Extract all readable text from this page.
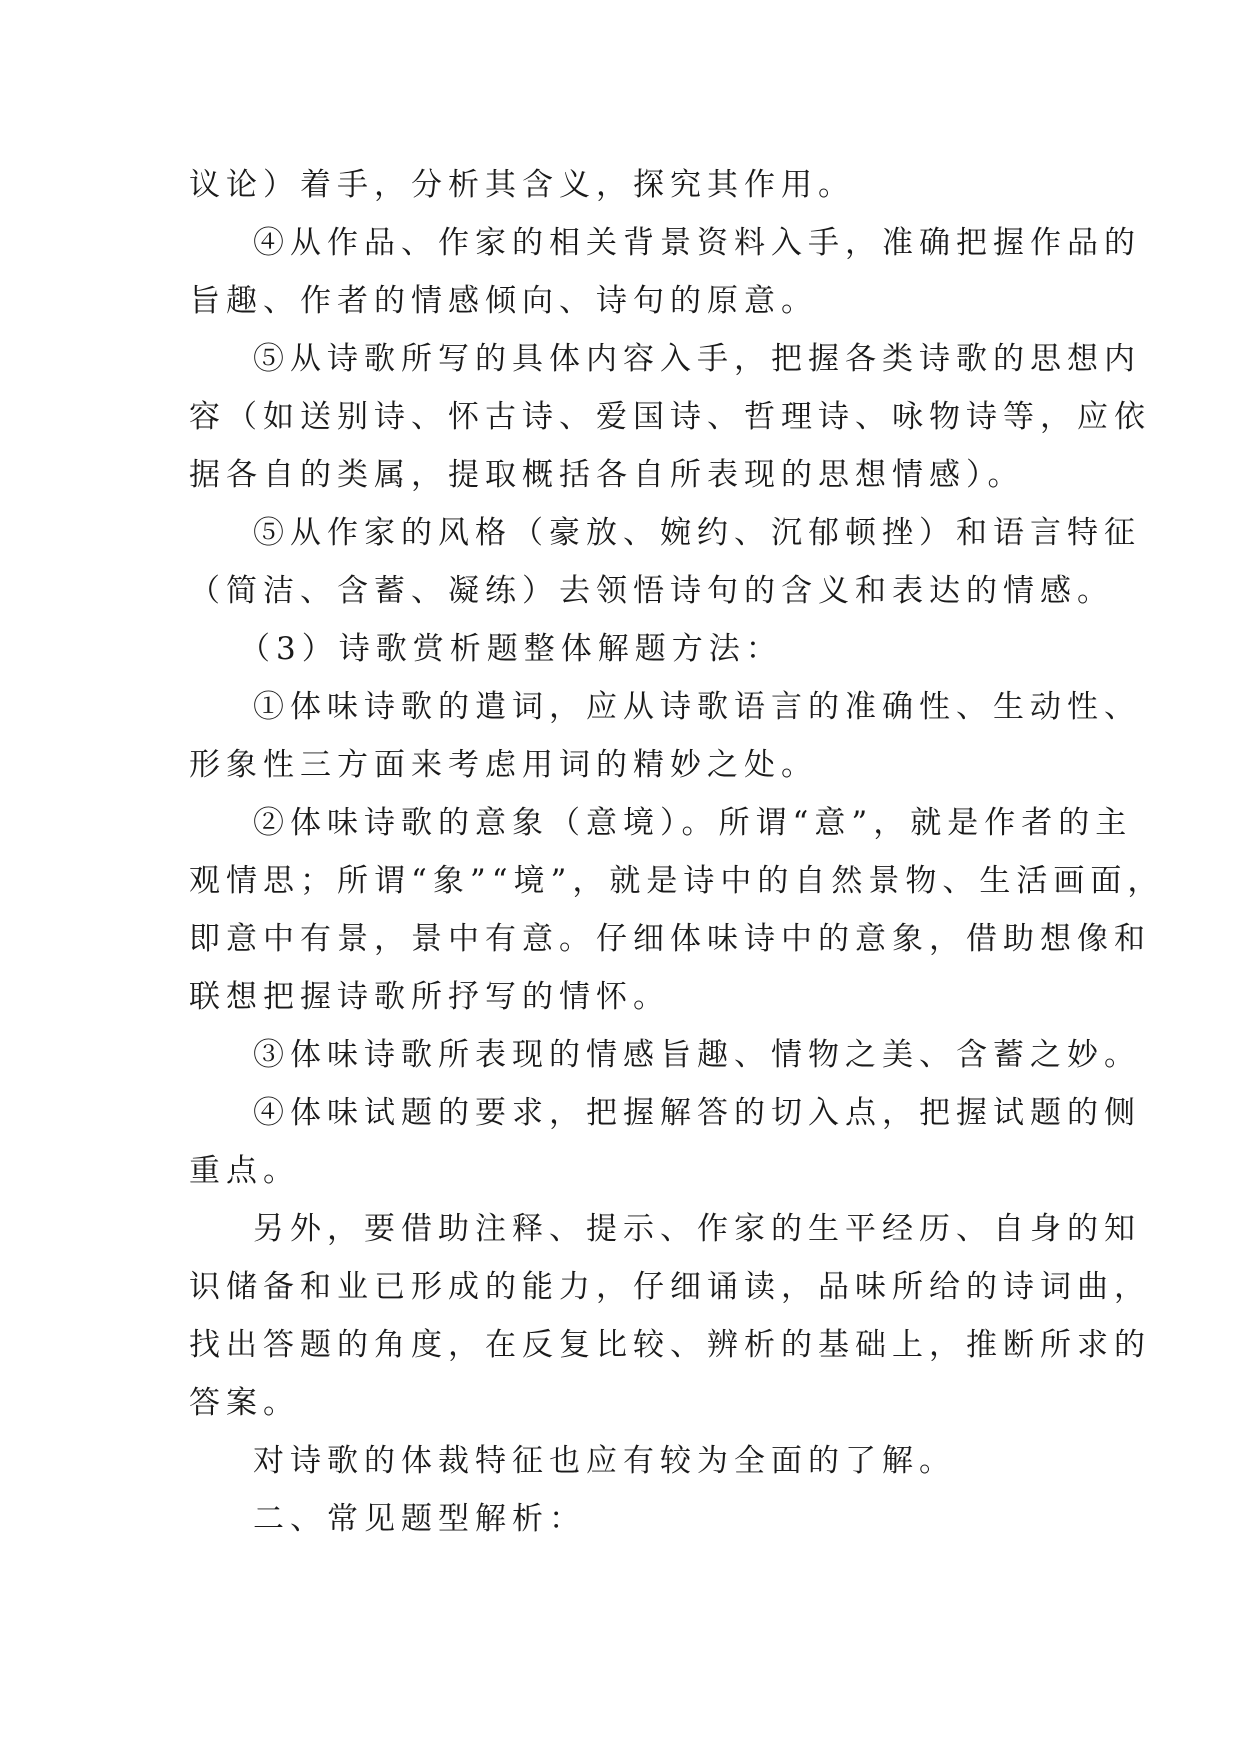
议论）着手，分析其含义，探究其作用。
④从作品、作家的相关背景资料入手，准确把握作品的
旨趣、作者的情感倾向、诗句的原意。
⑤从诗歌所写的具体内容入手，把握各类诗歌的思想内
容（如送别诗、怀古诗、爱国诗、哲理诗、咏物诗等，应依
据各自的类属，提取概括各自所表现的思想情感）。
⑤从作家的风格（豪放、婉约、沉郁顿挫）和语言特征
（简洁、含蓄、凝练）去领悟诗句的含义和表达的情感。
（3）诗歌赏析题整体解题方法：
①体味诗歌的遣词，应从诗歌语言的准确性、生动性、
形象性三方面来考虑用词的精妙之处。
②体味诗歌的意象（意境）。所谓“意”，就是作者的主
观情思；所谓“象”“境”，就是诗中的自然景物、生活画面，
即意中有景，景中有意。仔细体味诗中的意象，借助想像和
联想把握诗歌所抒写的情怀。
③体味诗歌所表现的情感旨趣、情物之美、含蓄之妙。
④体味试题的要求，把握解答的切入点，把握试题的侧
重点。
另外，要借助注释、提示、作家的生平经历、自身的知
识储备和业已形成的能力，仔细诵读，品味所给的诗词曲，
找出答题的角度，在反复比较、辨析的基础上，推断所求的
答案。
对诗歌的体裁特征也应有较为全面的了解。
二、常见题型解析：
